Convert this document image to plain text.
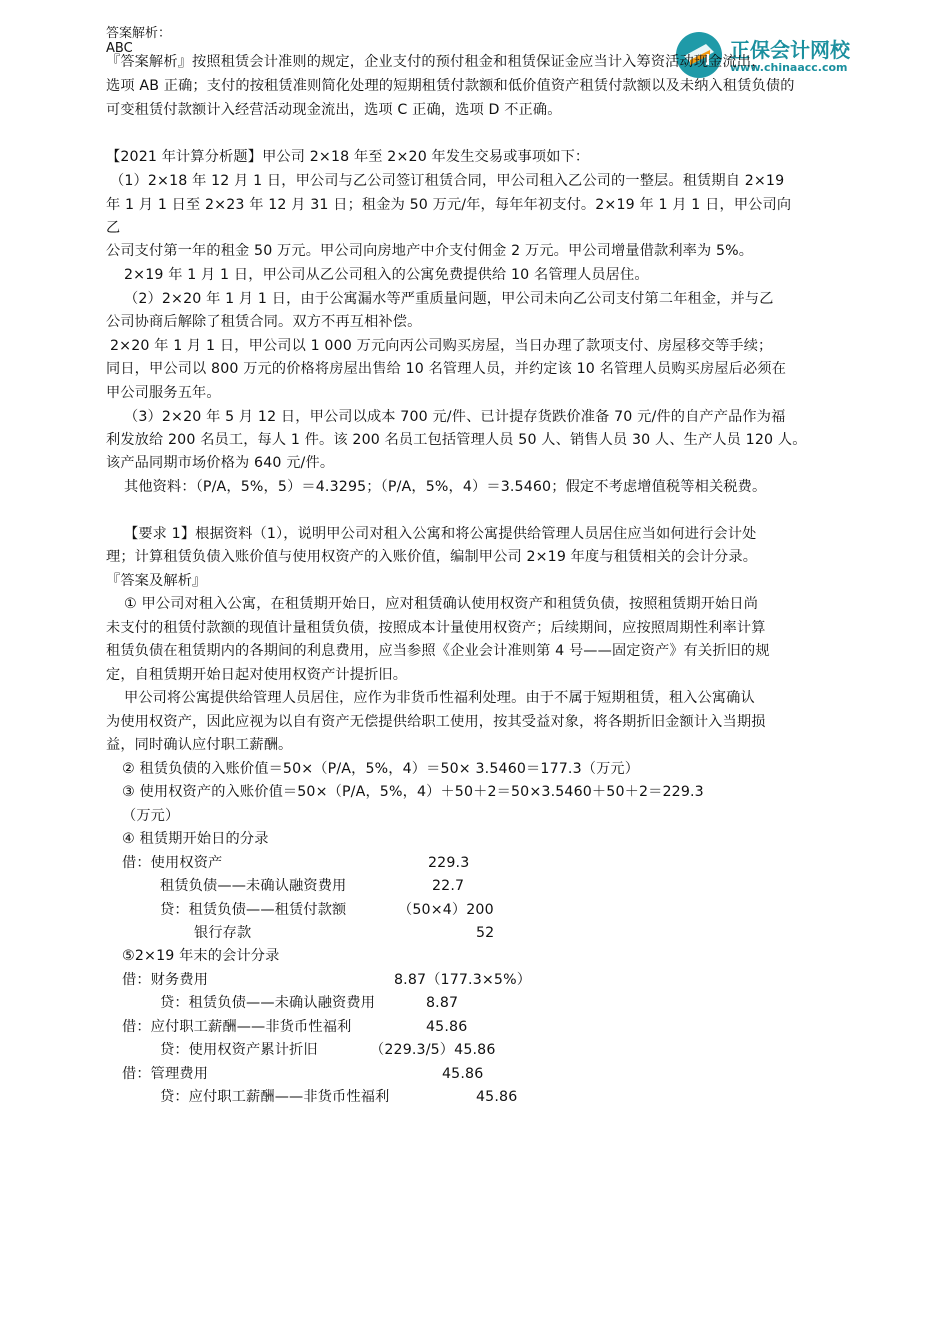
答案解析：ABC	正保会计网校
www.chinaacc.com
『答案解析』按照租赁会计准则的规定，企业支付的预付租金和租赁保证金应当计入筹资活动现金流出，
选项 AB 正确；支付的按租赁准则简化处理的短期租赁付款额和低价值资产租赁付款额以及未纳入租赁负债的
可变租赁付款额计入经营活动现金流出，选项 C 正确，选项 D 不正确。
【2021 年计算分析题】甲公司 2×18 年至 2×20 年发生交易或事项如下：
（1）2×18 年 12 月 1 日，甲公司与乙公司签订租赁合同，甲公司租入乙公司的一整层。租赁期自 2×19
年 1 月 1 日至 2×23 年 12 月 31 日；租金为 50 万元/年，每年年初支付。2×19 年 1 月 1 日，甲公司向
乙
公司支付第一年的租金 50 万元。甲公司向房地产中介支付佣金 2 万元。甲公司增量借款利率为 5%。
2×19 年 1 月 1 日，甲公司从乙公司租入的公寓免费提供给 10 名管理人员居住。
（2）2×20 年 1 月 1 日，由于公寓漏水等严重质量问题，甲公司未向乙公司支付第二年租金，并与乙
公司协商后解除了租赁合同。双方不再互相补偿。
2×20 年 1 月 1 日，甲公司以 1 000 万元向丙公司购买房屋，当日办理了款项支付、房屋移交等手续；
同日，甲公司以 800 万元的价格将房屋出售给 10 名管理人员，并约定该 10 名管理人员购买房屋后必须在
甲公司服务五年。
（3）2×20 年 5 月 12 日，甲公司以成本 700 元/件、已计提存货跌价准备 70 元/件的自产产品作为福
利发放给 200 名员工，每人 1 件。该 200 名员工包括管理人员 50 人、销售人员 30 人、生产人员 120 人。
该产品同期市场价格为 640 元/件。
其他资料：（P/A，5%，5）＝4.3295；（P/A，5%，4）＝3.5460；假定不考虑增值税等相关税费。
【要求 1】根据资料（1），说明甲公司对租入公寓和将公寓提供给管理人员居住应当如何进行会计处
理；计算租赁负债入账价值与使用权资产的入账价值，编制甲公司 2×19 年度与租赁相关的会计分录。
『答案及解析』
① 甲公司对租入公寓，在租赁期开始日，应对租赁确认使用权资产和租赁负债，按照租赁期开始日尚
未支付的租赁付款额的现值计量租赁负债，按照成本计量使用权资产；后续期间，应按照周期性利率计算
租赁负债在租赁期内的各期间的利息费用，应当参照《企业会计准则第 4 号——固定资产》有关折旧的规
定，自租赁期开始日起对使用权资产计提折旧。
甲公司将公寓提供给管理人员居住，应作为非货币性福利处理。由于不属于短期租赁，租入公寓确认
为使用权资产，因此应视为以自有资产无偿提供给职工使用，按其受益对象，将各期折旧金额计入当期损
益，同时确认应付职工薪酬。
② 租赁负债的入账价值＝50×（P/A，5%，4）＝50× 3.5460＝177.3（万元）
③ 使用权资产的入账价值＝50×（P/A，5%，4）＋50＋2＝50×3.5460＋50＋2＝229.3
（万元）
④ 租赁期开始日的分录
借：使用权资产	229.3
租赁负债——未确认融资费用	22.7
贷：租赁负债——租赁付款额	（50×4）200
银行存款	52
⑤2×19 年末的会计分录
借：财务费用	8.87（177.3×5%）
贷：租赁负债——未确认融资费用	8.87
借：应付职工薪酬——非货币性福利	45.86
贷：使用权资产累计折旧	（229.3/5）45.86
借：管理费用	45.86
贷：应付职工薪酬——非货币性福利	45.86
